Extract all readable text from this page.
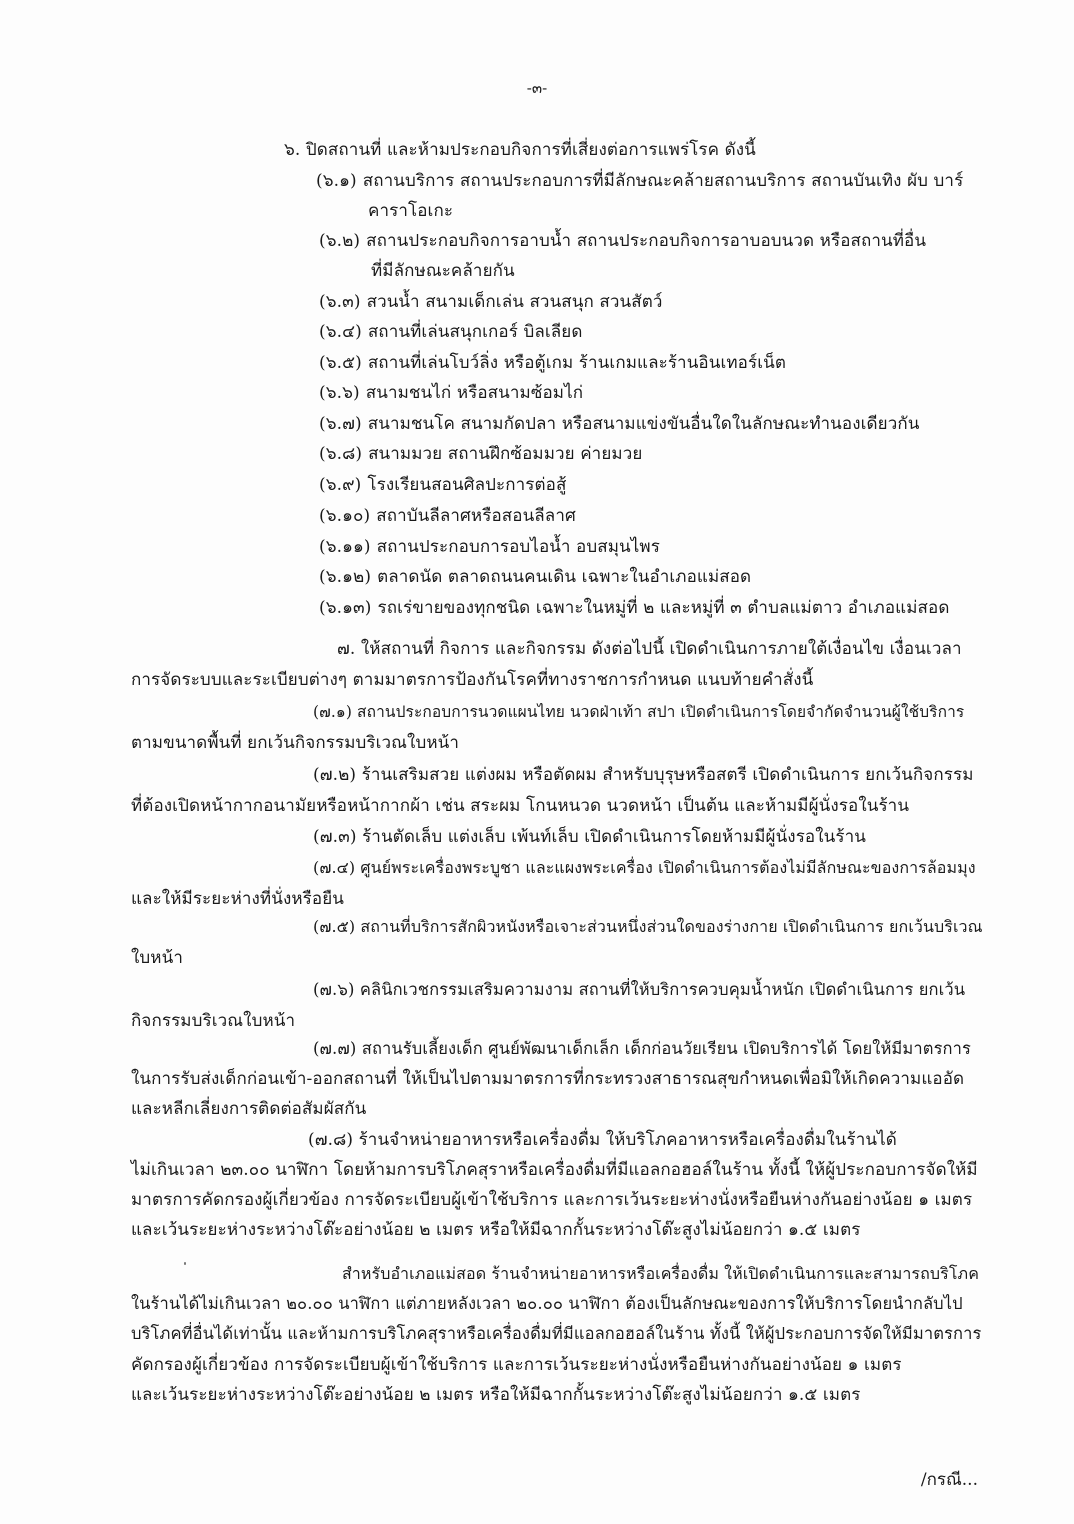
-๓-
๖. ปิดสถานที่ และห้ามประกอบกิจการที่เสี่ยงต่อการแพร่โรค ดังนี้
(๖.๑) สถานบริการ สถานประกอบการที่มีลักษณะคล้ายสถานบริการ สถานบันเทิง ผับ บาร์
คาราโอเกะ
(๖.๒) สถานประกอบกิจการอาบน้ำ สถานประกอบกิจการอาบอบนวด หรือสถานที่อื่น
ที่มีลักษณะคล้ายกัน
(๖.๓) สวนน้ำ สนามเด็กเล่น สวนสนุก สวนสัตว์
(๖.๔) สถานที่เล่นสนุกเกอร์ บิลเลียด
(๖.๕) สถานที่เล่นโบว์ลิ่ง หรือตู้เกม ร้านเกมและร้านอินเทอร์เน็ต
(๖.๖) สนามชนไก่ หรือสนามซ้อมไก่
(๖.๗) สนามชนโค สนามกัดปลา หรือสนามแข่งขันอื่นใดในลักษณะทำนองเดียวกัน
(๖.๘) สนามมวย สถานฝึกซ้อมมวย ค่ายมวย
(๖.๙) โรงเรียนสอนศิลปะการต่อสู้
(๖.๑๐) สถาบันลีลาศหรือสอนลีลาศ
(๖.๑๑) สถานประกอบการอบไอน้ำ อบสมุนไพร
(๖.๑๒) ตลาดนัด ตลาดถนนคนเดิน เฉพาะในอำเภอแม่สอด
(๖.๑๓) รถเร่ขายของทุกชนิด เฉพาะในหมู่ที่ ๒ และหมู่ที่ ๓ ตำบลแม่ตาว อำเภอแม่สอด
๗. ให้สถานที่ กิจการ และกิจกรรม ดังต่อไปนี้ เปิดดำเนินการภายใต้เงื่อนไข เงื่อนเวลา
การจัดระบบและระเบียบต่างๆ ตามมาตรการป้องกันโรคที่ทางราชการกำหนด แนบท้ายคำสั่งนี้
(๗.๑) สถานประกอบการนวดแผนไทย นวดฝ่าเท้า สปา เปิดดำเนินการโดยจำกัดจำนวนผู้ใช้บริการ
ตามขนาดพื้นที่ ยกเว้นกิจกรรมบริเวณใบหน้า
(๗.๒) ร้านเสริมสวย แต่งผม หรือตัดผม สำหรับบุรุษหรือสตรี เปิดดำเนินการ ยกเว้นกิจกรรม
ที่ต้องเปิดหน้ากากอนามัยหรือหน้ากากผ้า เช่น สระผม โกนหนวด นวดหน้า เป็นต้น และห้ามมีผู้นั่งรอในร้าน
(๗.๓) ร้านตัดเล็บ แต่งเล็บ เพ้นท์เล็บ เปิดดำเนินการโดยห้ามมีผู้นั่งรอในร้าน
(๗.๔) ศูนย์พระเครื่องพระบูชา และแผงพระเครื่อง เปิดดำเนินการต้องไม่มีลักษณะของการล้อมมุง
และให้มีระยะห่างที่นั่งหรือยืน
(๗.๕) สถานที่บริการสักผิวหนังหรือเจาะส่วนหนึ่งส่วนใดของร่างกาย เปิดดำเนินการ ยกเว้นบริเวณ
ใบหน้า
(๗.๖) คลินิกเวชกรรมเสริมความงาม สถานที่ให้บริการควบคุมน้ำหนัก เปิดดำเนินการ ยกเว้น
กิจกรรมบริเวณใบหน้า
(๗.๗) สถานรับเลี้ยงเด็ก ศูนย์พัฒนาเด็กเล็ก เด็กก่อนวัยเรียน เปิดบริการได้ โดยให้มีมาตรการ
ในการรับส่งเด็กก่อนเข้า-ออกสถานที่ ให้เป็นไปตามมาตรการที่กระทรวงสาธารณสุขกำหนดเพื่อมิให้เกิดความแออัด
และหลีกเลี่ยงการติดต่อสัมผัสกัน
(๗.๘) ร้านจำหน่ายอาหารหรือเครื่องดื่ม ให้บริโภคอาหารหรือเครื่องดื่มในร้านได้
ไม่เกินเวลา ๒๓.๐๐ นาฬิกา โดยห้ามการบริโภคสุราหรือเครื่องดื่มที่มีแอลกอฮอล์ในร้าน ทั้งนี้ ให้ผู้ประกอบการจัดให้มี
มาตรการคัดกรองผู้เกี่ยวข้อง การจัดระเบียบผู้เข้าใช้บริการ และการเว้นระยะห่างนั่งหรือยืนห่างกันอย่างน้อย ๑ เมตร
และเว้นระยะห่างระหว่างโต๊ะอย่างน้อย ๒ เมตร หรือให้มีฉากกั้นระหว่างโต๊ะสูงไม่น้อยกว่า ๑.๕ เมตร
สำหรับอำเภอแม่สอด ร้านจำหน่ายอาหารหรือเครื่องดื่ม ให้เปิดดำเนินการและสามารถบริโภค
ในร้านได้ไม่เกินเวลา ๒๐.๐๐ นาฬิกา แต่ภายหลังเวลา ๒๐.๐๐ นาฬิกา ต้องเป็นลักษณะของการให้บริการโดยนำกลับไป
บริโภคที่อื่นได้เท่านั้น และห้ามการบริโภคสุราหรือเครื่องดื่มที่มีแอลกอฮอล์ในร้าน ทั้งนี้ ให้ผู้ประกอบการจัดให้มีมาตรการ
คัดกรองผู้เกี่ยวข้อง การจัดระเบียบผู้เข้าใช้บริการ และการเว้นระยะห่างนั่งหรือยืนห่างกันอย่างน้อย ๑ เมตร
และเว้นระยะห่างระหว่างโต๊ะอย่างน้อย ๒ เมตร หรือให้มีฉากกั้นระหว่างโต๊ะสูงไม่น้อยกว่า ๑.๕ เมตร
/กรณี...
